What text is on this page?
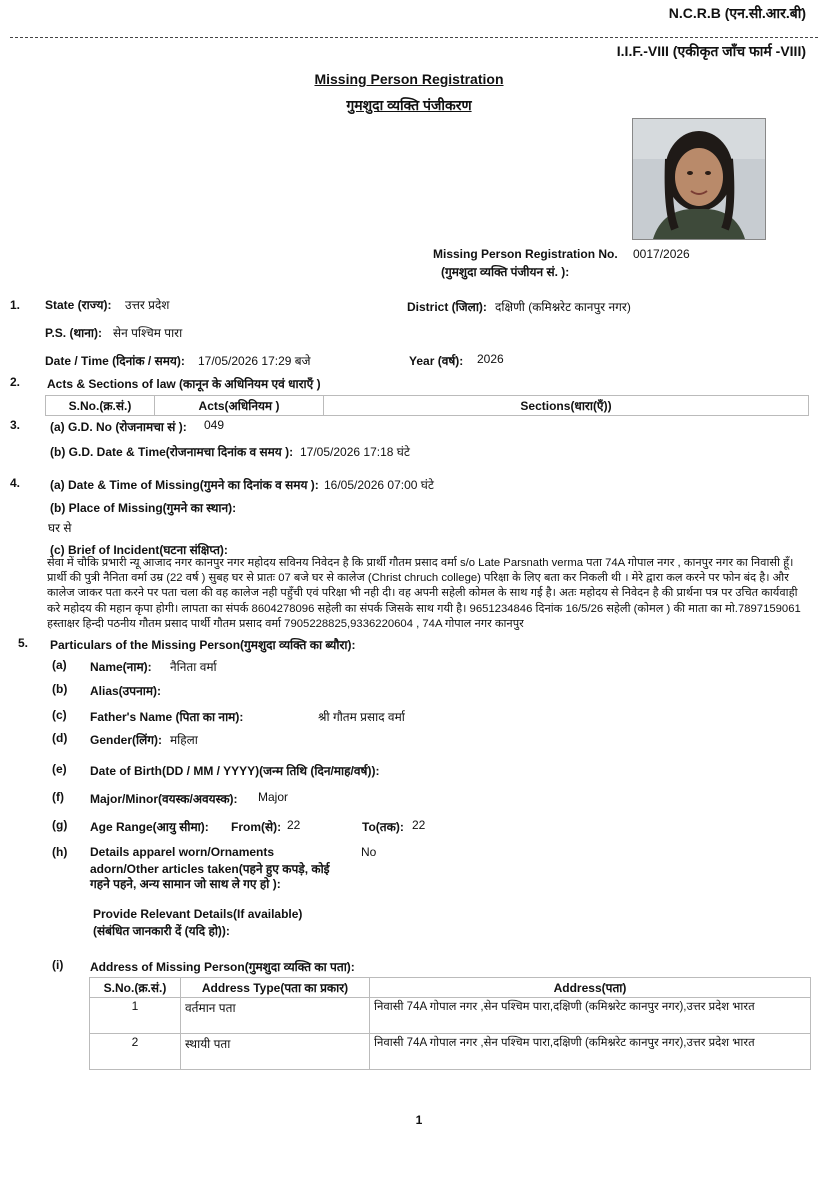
N.C.R.B (एन.सी.आर.बी)
I.I.F.-VIII (एकीकृत जाँच फार्म -VIII)
Missing Person Registration
गुमशुदा व्यक्ति पंजीकरण
Missing Person Registration No.
(गुमशुदा व्यक्ति पंजीयन सं. ):
0017/2026
1. State (राज्य): उत्तर प्रदेश	District (जिला): दक्षिणी (कमिश्नरेट कानपुर नगर)
P.S. (थाना): सेन पश्चिम पारा
Date / Time (दिनांक / समय): 17/05/2026 17:29 बजे	Year (वर्ष): 2026
2. Acts & Sections of law (कानून के अधिनियम एवं धाराएँ )
S.No.(क्र.सं.)	Acts(अधिनियम )	Sections(धारा(एँ))
3. (a) G.D. No (रोजनामचा सं ): 049
(b) G.D. Date & Time(रोजनामचा दिनांक व समय ): 17/05/2026 17:18 घंटे
4. (a) Date & Time of Missing(गुमने का दिनांक व समय ): 16/05/2026 07:00 घंटे
(b) Place of Missing(गुमने का स्थान):
घर से
(c) Brief of Incident(घटना संक्षिप्त):
सेवा में चौकि प्रभारी न्यू आजाद नगर कानपुर नगर महोदय सविनय निवेदन है कि प्रार्थी गौतम प्रसाद वर्मा s/o Late Parsnath verma पता 74A गोपाल नगर , कानपुर नगर का निवासी हूँ। प्रार्थी की पुत्री नैनिता वर्मा उम्र (22 वर्ष ) सुबह घर से प्रातः 07 बजे घर से कालेज (Christ chruch college) परिक्षा के लिए बता कर निकली थी । मेरे द्वारा कल करने पर फोन बंद है। और कालेज जाकर पता करने पर पता चला की वह कालेज नही पहुँची एवं परिक्षा भी नही दी। वह अपनी सहेली कोमल के साथ गई है। अतः महोदय से निवेदन है की प्रार्थना पत्र पर उचित कार्यवाही करे महोदय की महान कृपा होगी। लापता का संपर्क 8604278096 सहेली का संपर्क जिसके साथ गयी है। 9651234846 दिनांक 16/5/26 सहेली (कोमल ) की माता का मो.7897159061 हस्ताक्षर हिन्दी पठनीय गौतम प्रसाद पार्थी गौतम प्रसाद वर्मा 7905228825,9336220604 , 74A गोपाल नगर कानपुर
5. Particulars of the Missing Person(गुमशुदा व्यक्ति का ब्यौरा):
(a) Name(नाम): नैनिता वर्मा
(b) Alias(उपनाम):
(c) Father's Name (पिता का नाम):	श्री गौतम प्रसाद वर्मा
(d) Gender(लिंग): महिला
(e) Date of Birth(DD / MM / YYYY)(जन्म तिथि (दिन/माह/वर्ष)):
(f) Major/Minor(वयस्क/अवयस्क): Major
(g) Age Range(आयु सीमा): From(से): 22	To(तक): 22
(h) Details apparel worn/Ornaments
adorn/Other articles taken(पहने हुए कपड़े, कोई
गहने पहने, अन्य सामान जो साथ ले गए हो ):
No
Provide Relevant Details(If available)
(संबंधित जानकारी दें (यदि हो)):
(i) Address of Missing Person(गुमशुदा व्यक्ति का पता):
S.No.(क्र.सं.)	Address Type(पता का प्रकार)	Address(पता)
1	वर्तमान पता	निवासी 74A गोपाल नगर ,सेन पश्चिम पारा,दक्षिणी (कमिश्नरेट कानपुर नगर),उत्तर प्रदेश भारत
2	स्थायी पता	निवासी 74A गोपाल नगर ,सेन पश्चिम पारा,दक्षिणी (कमिश्नरेट कानपुर नगर),उत्तर प्रदेश भारत
1
